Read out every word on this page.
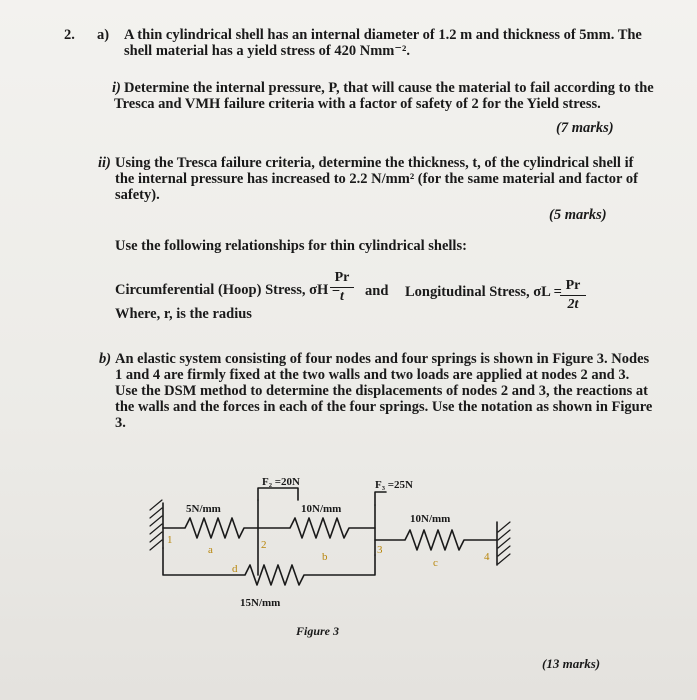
2. a) A thin cylindrical shell has an internal diameter of 1.2 m and thickness of 5mm. The

shell material has a yield stress of 420 Nmm⁻².

i) Determine the internal pressure, P, that will cause the material to fail according to the

Tresca and VMH failure criteria with a factor of safety of 2 for the Yield stress.

(7 marks)

ii) Using the Tresca failure criteria, determine the thickness, t, of the cylindrical shell if

the internal pressure has increased to 2.2 N/mm² (for the same material and factor of

safety).

(5 marks)

Use the following relationships for thin cylindrical shells:

Circumferential (Hoop) Stress, σH =

Pr
t	and Longitudinal Stress, σL = Pr
2t

Where, r, is the radius

b) An elastic system consisting of four nodes and four springs is shown in Figure 3. Nodes

1 and 4 are firmly fixed at the two walls and two loads are applied at nodes 2 and 3.

Use the DSM method to determine the displacements of nodes 2 and 3, the reactions at

the walls and the forces in each of the four springs. Use the notation as shown in Figure

3.

F₂ =20N	F₃ =25N
5N/mm	10N/mm
10N/mm
15N/mm
1	2	3
4
a
b	c
d
Figure 3

(13 marks)
